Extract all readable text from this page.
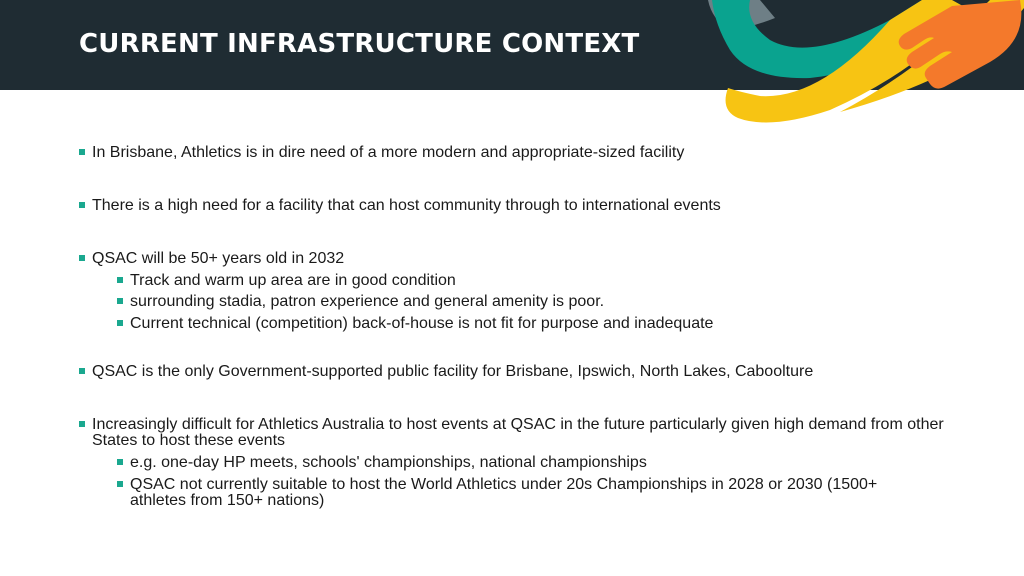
CURRENT INFRASTRUCTURE CONTEXT
In Brisbane, Athletics is in dire need of a more modern and appropriate-sized facility
There is a high need for a facility that can host community through to international events
QSAC will be 50+ years old in 2032
Track and warm up area are in good condition
surrounding stadia, patron experience and general amenity is poor.
Current technical (competition) back-of-house is not fit for purpose and inadequate
QSAC is the only Government-supported public facility for Brisbane, Ipswich, North Lakes, Caboolture
Increasingly difficult for Athletics Australia to host events at QSAC in the future particularly given high demand from other States to host these events
e.g. one-day HP meets, schools' championships, national championships
QSAC not currently suitable to host the World Athletics under 20s Championships in 2028 or 2030 (1500+ athletes from 150+ nations)
